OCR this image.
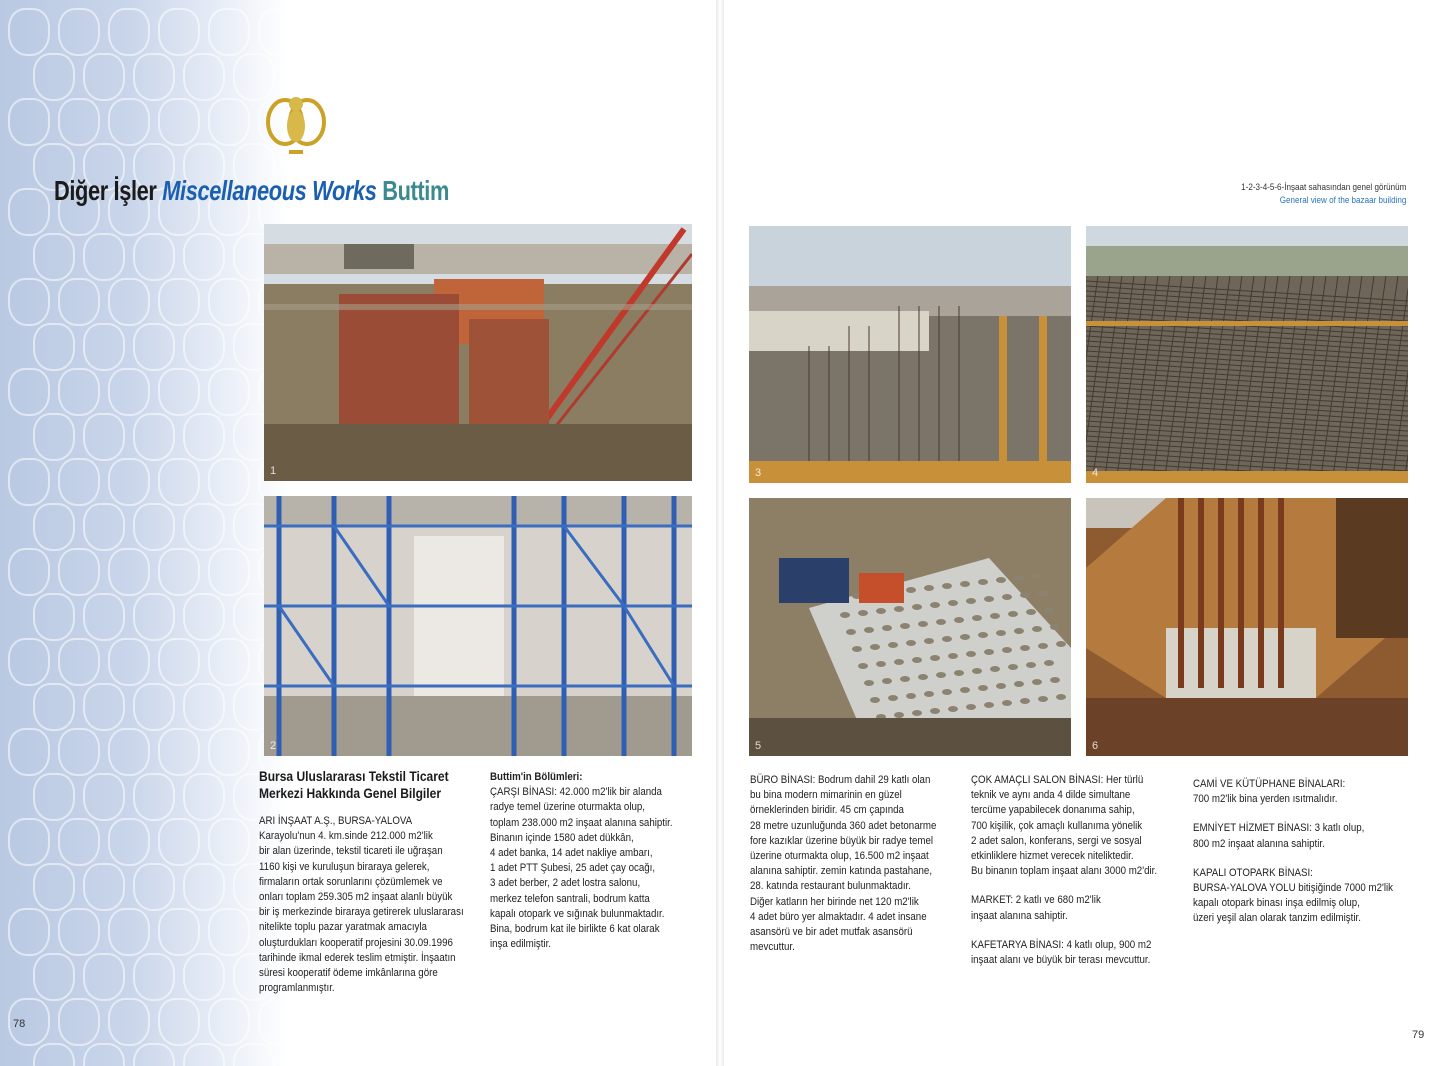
Diğer İşler Miscellaneous Works Buttim	1-2-3-4-5-6-İnşaat sahasından genel görünüm
General view of the bazaar building
1
2
3	4
5	6
Bursa Uluslararası Tekstil Ticaret
Merkezi Hakkında Genel Bilgiler

ARI İNŞAAT A.Ş., BURSA-YALOVA
Karayolu'nun 4. km.sinde 212.000 m2'lik
bir alan üzerinde, tekstil ticareti ile uğraşan
1160 kişi ve kuruluşun biraraya gelerek,
firmaların ortak sorunlarını çözümlemek ve
onları toplam 259.305 m2 inşaat alanlı büyük
bir iş merkezinde biraraya getirerek uluslararası
nitelikte toplu pazar yaratmak amacıyla
oluşturdukları kooperatif projesini 30.09.1996
tarihinde ikmal ederek teslim etmiştir. İnşaatın
süresi kooperatif ödeme imkânlarına göre
programlanmıştır.

Buttim'in Bölümleri:

ÇARŞI BİNASI: 42.000 m2'lik bir alanda
radye temel üzerine oturmakta olup,
toplam 238.000 m2 inşaat alanına sahiptir.
Binanın içinde 1580 adet dükkân,
4 adet banka, 14 adet nakliye ambarı,
1 adet PTT Şubesi, 25 adet çay ocağı,
3 adet berber, 2 adet lostra salonu,
merkez telefon santrali, bodrum katta
kapalı otopark ve sığınak bulunmaktadır.
Bina, bodrum kat ile birlikte 6 kat olarak
inşa edilmiştir.

BÜRO BİNASI: Bodrum dahil 29 katlı olan
bu bina modern mimarinin en güzel
örneklerinden biridir. 45 cm çapında
28 metre uzunluğunda 360 adet betonarme
fore kazıklar üzerine büyük bir radye temel
üzerine oturmakta olup, 16.500 m2 inşaat
alanına sahiptir. zemin katında pastahane,
28. katında restaurant bulunmaktadır.
Diğer katların her birinde net 120 m2'lik
4 adet büro yer almaktadır. 4 adet insane
asansörü ve bir adet mutfak asansörü
mevcuttur.

ÇOK AMAÇLI SALON BİNASI: Her türlü
teknik ve aynı anda 4 dilde simultane
tercüme yapabilecek donanıma sahip,
700 kişilik, çok amaçlı kullanıma yönelik
2 adet salon, konferans, sergi ve sosyal
etkinliklere hizmet verecek niteliktedir.
Bu binanın toplam inşaat alanı 3000 m2'dir.

MARKET: 2 katlı ve 680 m2'lik
inşaat alanına sahiptir.

KAFETARYA BİNASI: 4 katlı olup, 900 m2
inşaat alanı ve büyük bir terası mevcuttur.

CAMİ VE KÜTÜPHANE BİNALARI:
700 m2'lik bina yerden ısıtmalıdır.

EMNİYET HİZMET BİNASI: 3 katlı olup,
800 m2 inşaat alanına sahiptir.

KAPALI OTOPARK BİNASI:
BURSA-YALOVA YOLU bitişiğinde 7000 m2'lik
kapalı otopark binası inşa edilmiş olup,
üzeri yeşil alan olarak tanzim edilmiştir.

78
79
